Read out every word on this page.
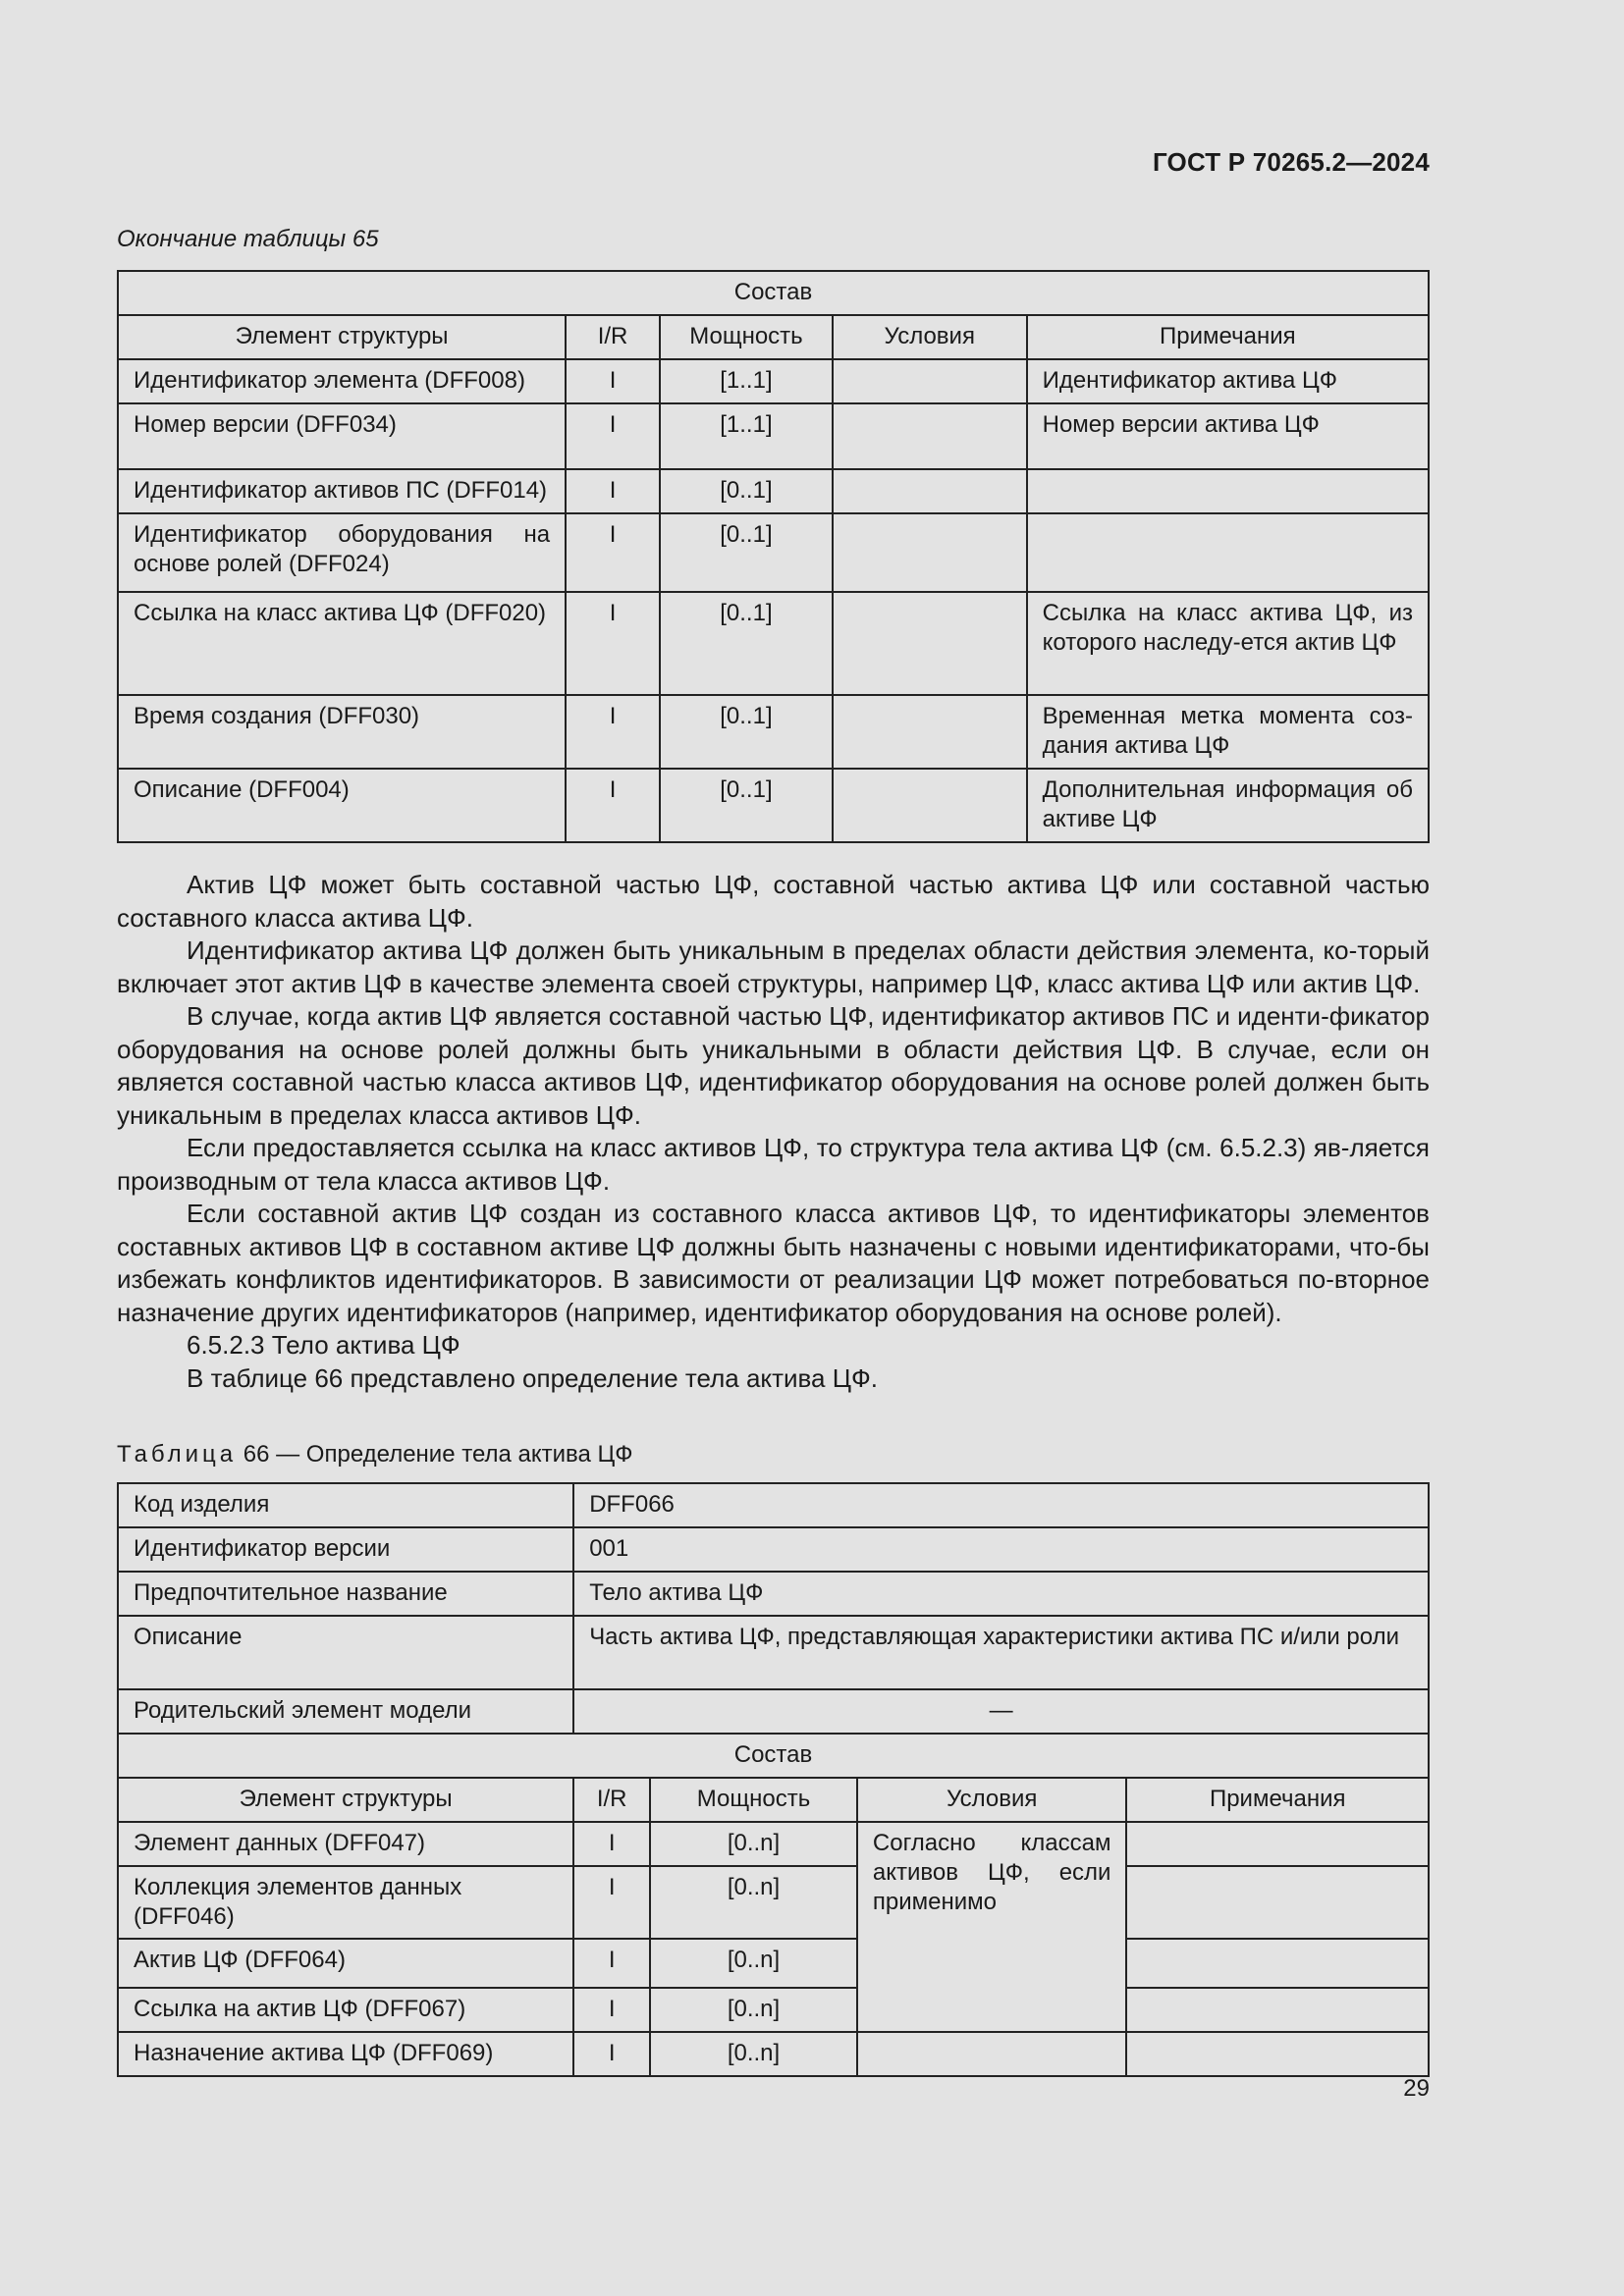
ГОСТ Р 70265.2—2024
Окончание таблицы 65
Состав				
Элемент структуры	I/R	Мощность	Условия	Примечания
Идентификатор элемента (DFF008)	I	[1..1]		Идентификатор актива ЦФ
Номер версии (DFF034)	I	[1..1]		Номер версии актива ЦФ
Идентификатор активов ПС (DFF014)	I	[0..1]		
Идентификатор оборудования на основе ролей (DFF024)	I	[0..1]		
Ссылка на класс актива ЦФ (DFF020)	I	[0..1]		Ссылка на класс актива ЦФ, из которого наследу-ется актив ЦФ
Время создания (DFF030)	I	[0..1]		Временная метка момента соз-дания актива ЦФ
Описание (DFF004)	I	[0..1]		Дополнительная информация об активе ЦФ

Актив ЦФ может быть составной частью ЦФ, составной частью актива ЦФ или составной частью составного класса актива ЦФ.

Идентификатор актива ЦФ должен быть уникальным в пределах области действия элемента, ко-торый включает этот актив ЦФ в качестве элемента своей структуры, например ЦФ, класс актива ЦФ или актив ЦФ.

В случае, когда актив ЦФ является составной частью ЦФ, идентификатор активов ПС и иденти-фикатор оборудования на основе ролей должны быть уникальными в области действия ЦФ. В случае, если он является составной частью класса активов ЦФ, идентификатор оборудования на основе ролей должен быть уникальным в пределах класса активов ЦФ.

Если предоставляется ссылка на класс активов ЦФ, то структура тела актива ЦФ (см. 6.5.2.3) яв-ляется производным от тела класса активов ЦФ.

Если составной актив ЦФ создан из составного класса активов ЦФ, то идентификаторы элементов составных активов ЦФ в составном активе ЦФ должны быть назначены с новыми идентификаторами, что-бы избежать конфликтов идентификаторов. В зависимости от реализации ЦФ может потребоваться по-вторное назначение других идентификаторов (например, идентификатор оборудования на основе ролей).

6.5.2.3 Тело актива ЦФ

В таблице 66 представлено определение тела актива ЦФ.

Таблица 66 — Определение тела актива ЦФ
Код изделия	DFF066			
Идентификатор версии	001			
Предпочтительное название	Тело актива ЦФ			
Описание	Часть актива ЦФ, представляющая характеристики актива ПС и/или роли			
Родительский элемент модели	—			
Состав				
Элемент структуры	I/R	Мощность	Условия	Примечания
Элемент данных (DFF047)	I	[0..n]	Согласно классам активов ЦФ, если применимо	
Коллекция элементов данных (DFF046)	I	[0..n]		
Актив ЦФ (DFF064)	I	[0..n]		
Ссылка на актив ЦФ (DFF067)	I	[0..n]		
Назначение актива ЦФ (DFF069)	I	[0..n]		
29
